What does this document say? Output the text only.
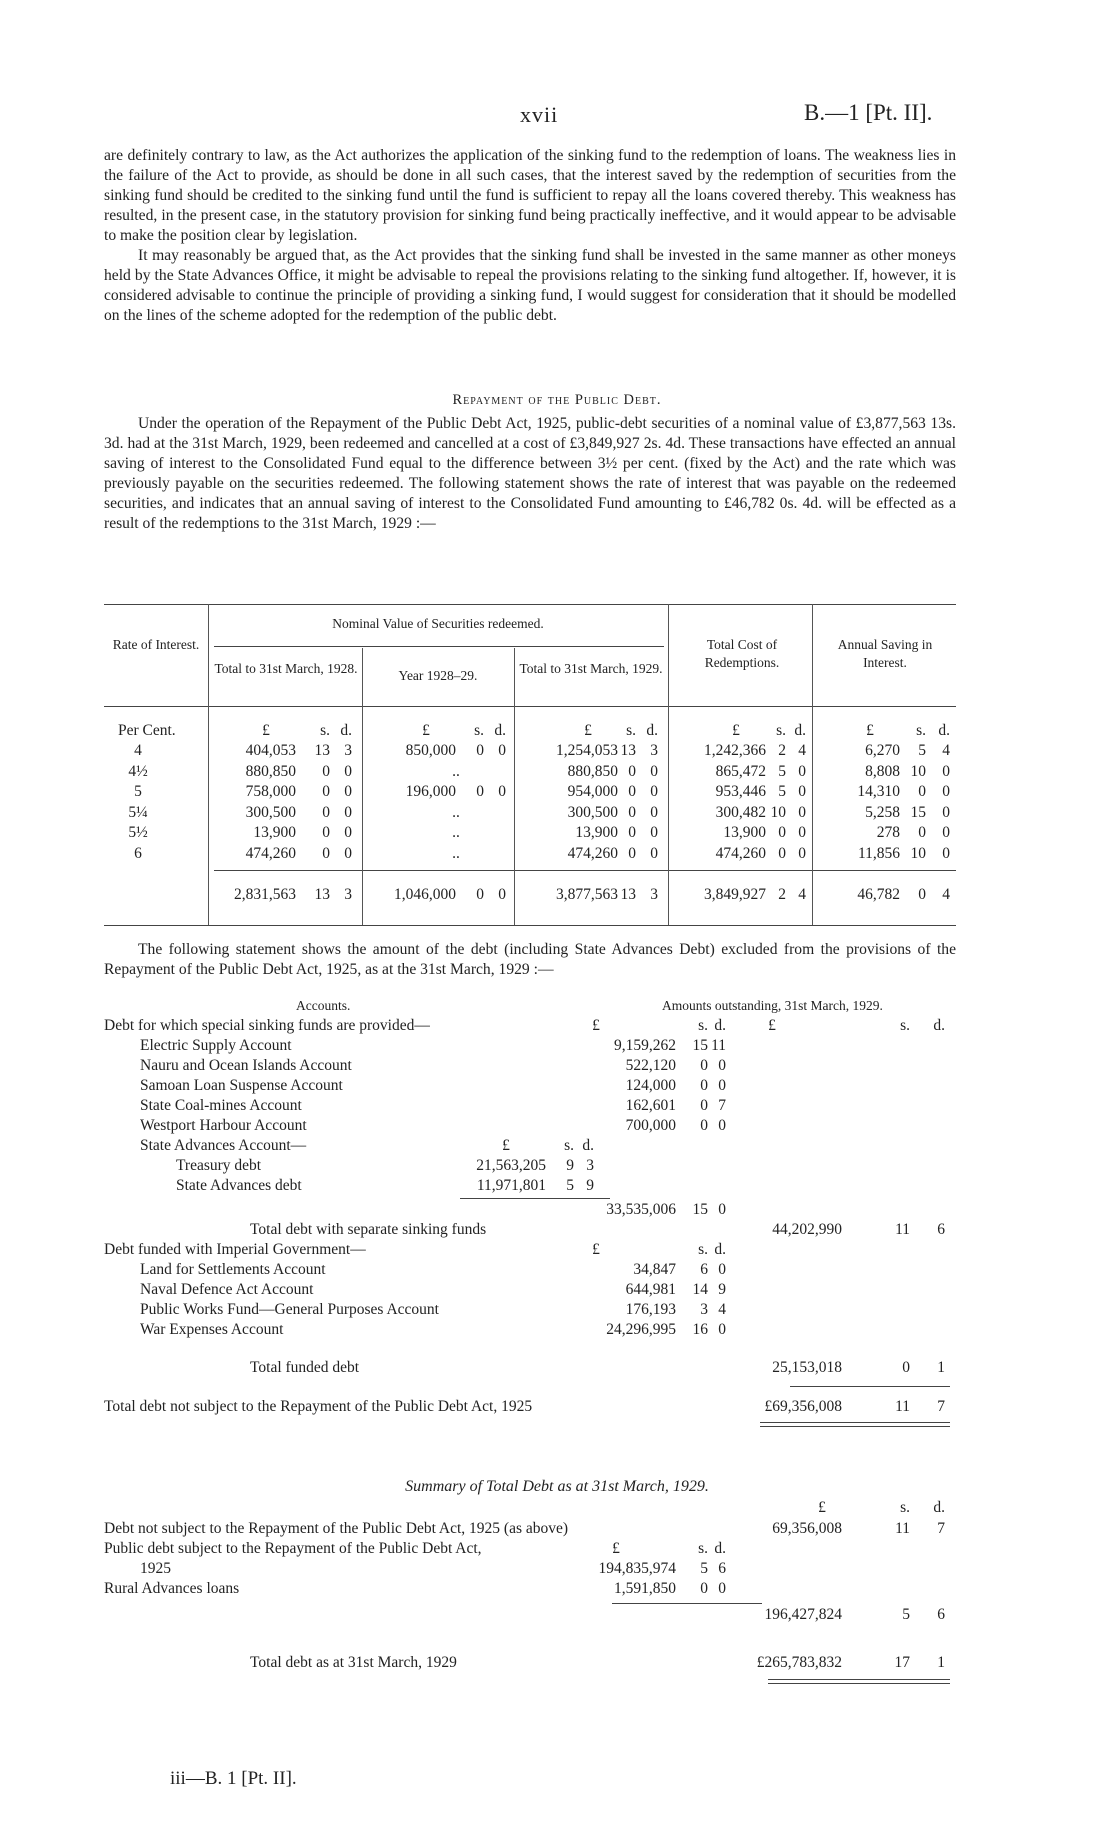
xvii	B.—1 [Pt. II].

are definitely contrary to law, as the Act authorizes the application of the sinking fund to the redemption of loans. The weakness lies in the failure of the Act to provide, as should be done in all such cases, that the interest saved by the redemption of securities from the sinking fund should be credited to the sinking fund until the fund is sufficient to repay all the loans covered thereby. This weakness has resulted, in the present case, in the statutory provision for sinking fund being practically ineffective, and it would appear to be advisable to make the position clear by legislation.

It may reasonably be argued that, as the Act provides that the sinking fund shall be invested in the same manner as other moneys held by the State Advances Office, it might be advisable to repeal the provisions relating to the sinking fund altogether. If, however, it is considered advisable to continue the principle of providing a sinking fund, I would suggest for consideration that it should be modelled on the lines of the scheme adopted for the redemption of the public debt.

Repayment of the Public Debt.

Under the operation of the Repayment of the Public Debt Act, 1925, public-debt securities of a nominal value of £3,877,563 13s. 3d. had at the 31st March, 1929, been redeemed and cancelled at a cost of £3,849,927 2s. 4d. These transactions have effected an annual saving of interest to the Consolidated Fund equal to the difference between 3½ per cent. (fixed by the Act) and the rate which was previously payable on the securities redeemed. The following statement shows the rate of interest that was payable on the redeemed securities, and indicates that an annual saving of interest to the Consolidated Fund amounting to £46,782 0s. 4d. will be effected as a result of the redemptions to the 31st March, 1929 :—

Rate of Interest.
Nominal Value of Securities redeemed.
Total to 31st March, 1928.	Year 1928–29.	Total to 31st March, 1929.
Total Cost of Redemptions.
Annual Saving in Interest.
Per Cent.	£	s. d.	£	s. d.	£	s. d.	£	s. d.	£	s. d.
4	404,053	13 3	850,000	0 0	1,254,053 13 3	1,242,366 2 4	6,270	5	4
4½	880,850	0 0	..	880,850 0 0	865,472 5 0	8,808 10	0
5	758,000	0 0	196,000	0 0	954,000 0 0	953,446 5 0	14,310	0	0
5¼	300,500	0 0	..	300,500 0 0	300,482 10 0	5,258 15	0
5½	13,900	0 0	..	13,900 0 0	13,900 0 0	278	0	0
6	474,260	0 0	..	474,260 0 0	474,260 0 0	11,856 10	0
2,831,563	13 3	1,046,000	0 0	3,877,563 13 3	3,849,927 2 4	46,782	0	4

The following statement shows the amount of the debt (including State Advances Debt) excluded from the provisions of the Repayment of the Public Debt Act, 1925, as at the 31st March, 1929 :—

Accounts.	Amounts outstanding, 31st March, 1929.
£	s. d.	£	s.	d.
Debt for which special sinking funds are provided—
Electric Supply Account	9,159,262	15 11
Nauru and Ocean Islands Account	522,120	0 0
Samoan Loan Suspense Account	124,000	0 0
State Coal-mines Account	162,601	0 7
Westport Harbour Account	700,000	0 0
State Advances Account—	£	s. d.
Treasury debt	21,563,205	9 3
State Advances debt	11,971,801	5 9
33,535,006	15 0
Total debt with separate sinking funds	44,202,990	11	6
Debt funded with Imperial Government—	£	s. d.
Land for Settlements Account	34,847	6 0
Naval Defence Act Account	644,981	14 9
Public Works Fund—General Purposes Account	176,193	3 4
War Expenses Account	24,296,995	16 0
Total funded debt	25,153,018	0	1
Total debt not subject to the Repayment of the Public Debt Act, 1925	£69,356,008	11	7
Summary of Total Debt as at 31st March, 1929.
£	s.	d.
Debt not subject to the Repayment of the Public Debt Act, 1925 (as above)	69,356,008	11	7
Public debt subject to the Repayment of the Public Debt Act,	£	s. d.
1925	194,835,974	5 6
Rural Advances loans	1,591,850	0 0
196,427,824	5	6
Total debt as at 31st March, 1929	£265,783,832	17	1
iii—B. 1 [Pt. II].
